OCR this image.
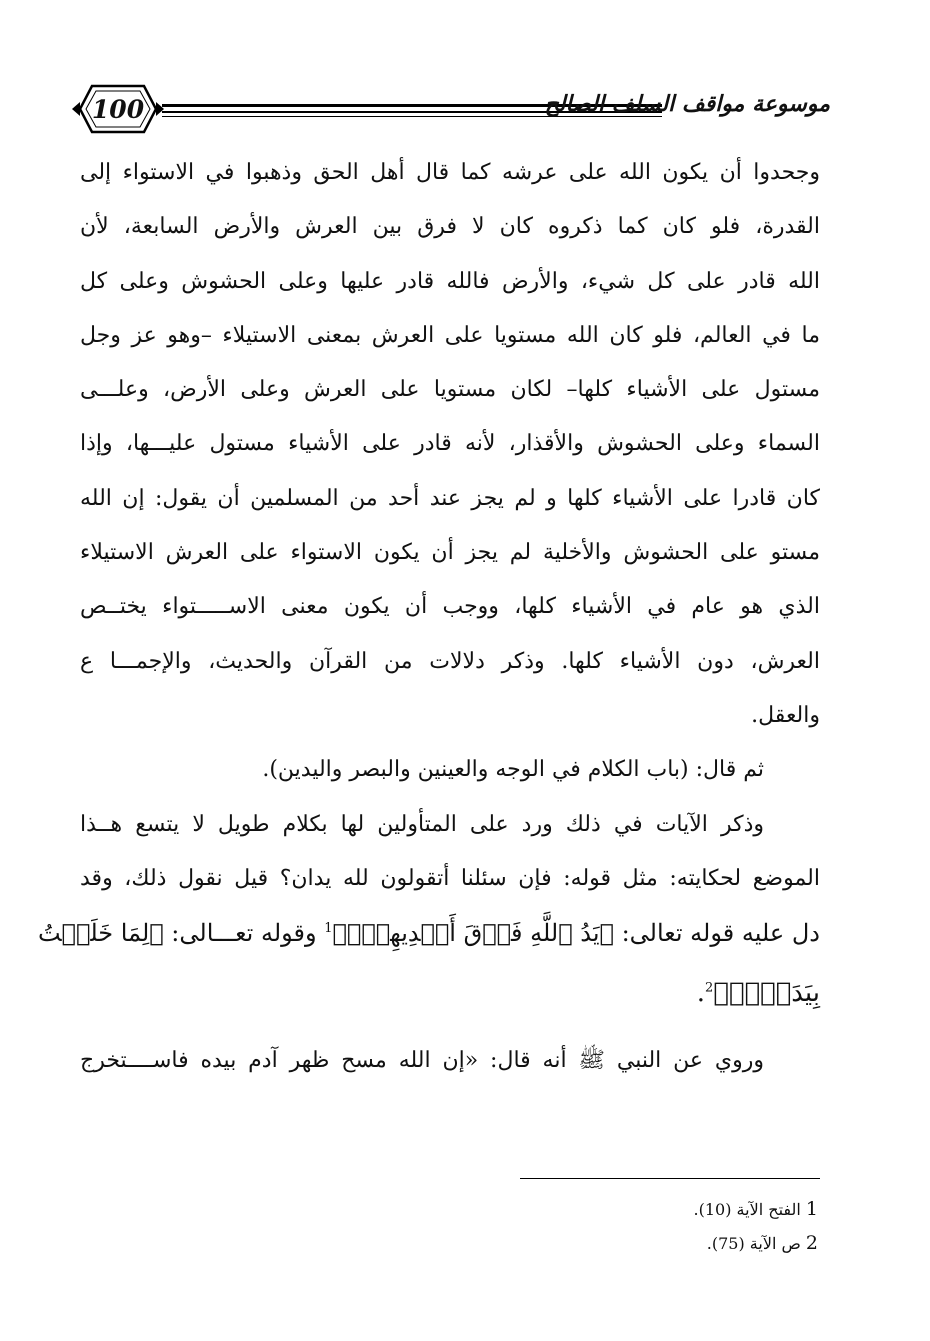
100	موسوعة مواقف السلف الصالح
وجحدوا أن يكون الله على عرشه كما قال أهل الحق وذهبوا في الاستواء إلى
القدرة، فلو كان كما ذكروه كان لا فرق بين العرش والأرض السابعة، لأن
الله قادر على كل شيء، والأرض فالله قادر عليها وعلى الحشوش وعلى كل
ما في العالم، فلو كان الله مستويا على العرش بمعنى الاستيلاء –وهو عز وجل
مستول على الأشياء كلها– لكان مستويا على العرش وعلى الأرض، وعلـــى
السماء وعلى الحشوش والأقذار، لأنه قادر على الأشياء مستول عليـــها، وإذا
كان قادرا على الأشياء كلها و لم يجز عند أحد من المسلمين أن يقول: إن الله
مستو على الحشوش والأخلية لم يجز أن يكون الاستواء على العرش الاستيلاء
الذي هو عام في الأشياء كلها، ووجب أن يكون معنى الاســـــتواء يختــص
العرش، دون الأشياء كلها. وذكر دلالات من القرآن والحديث، والإجمـــا ع
والعقل.
ثم قال: (باب الكلام في الوجه والعينين والبصر واليدين).
وذكر الآيات في ذلك ورد على المتأولين لها بكلام طويل لا يتسع هــذا
الموضع لحكايته: مثل قوله: فإن سئلنا أتقولون لله يدان؟ قيل نقول ذلك، وقد
دل عليه قوله تعالى: ﴿يَدُ ٱللَّهِ فَوۡقَ أَيۡدِيهِمۡۚ﴾$^1$ وقوله تعـــالى: ﴿لِمَا خَلَقۡتُ
بِيَدَيَّۖ﴾$^2$.
وروي عن النبي ﷺ أنه قال: «إن الله مسح ظهر آدم بيده فاســــتخرج
1 الفتح الآية (10).
2 ص الآية (75).
